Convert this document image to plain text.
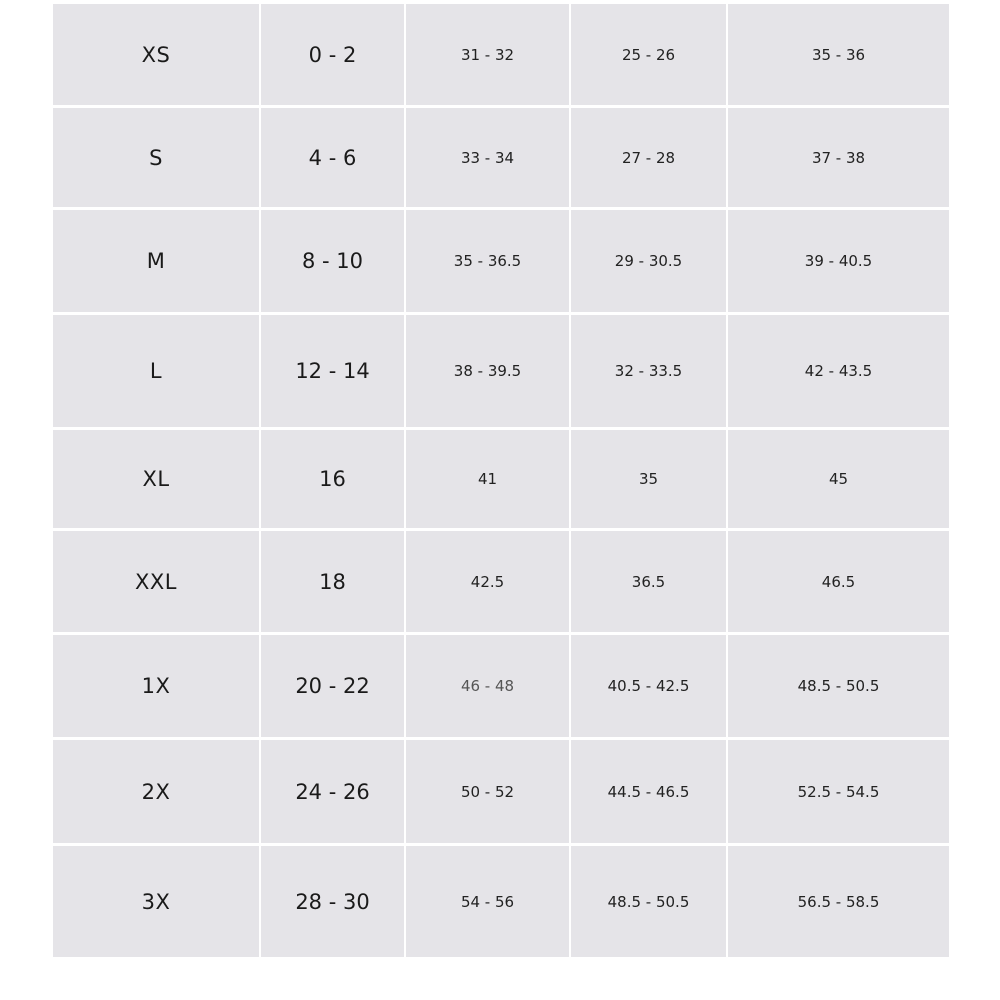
XS	0 - 2	31 - 32	25 - 26	35 - 36
S	4 - 6	33 - 34	27 - 28	37 - 38
M	8 - 10	35 - 36.5	29 - 30.5	39 - 40.5
L	12 - 14	38 - 39.5	32 - 33.5	42 - 43.5
XL	16	41	35	45
XXL	18	42.5	36.5	46.5
1X	20 - 22	46 - 48	40.5 - 42.5	48.5 - 50.5
2X	24 - 26	50 - 52	44.5 - 46.5	52.5 - 54.5
3X	28 - 30	54 - 56	48.5 - 50.5	56.5 - 58.5
